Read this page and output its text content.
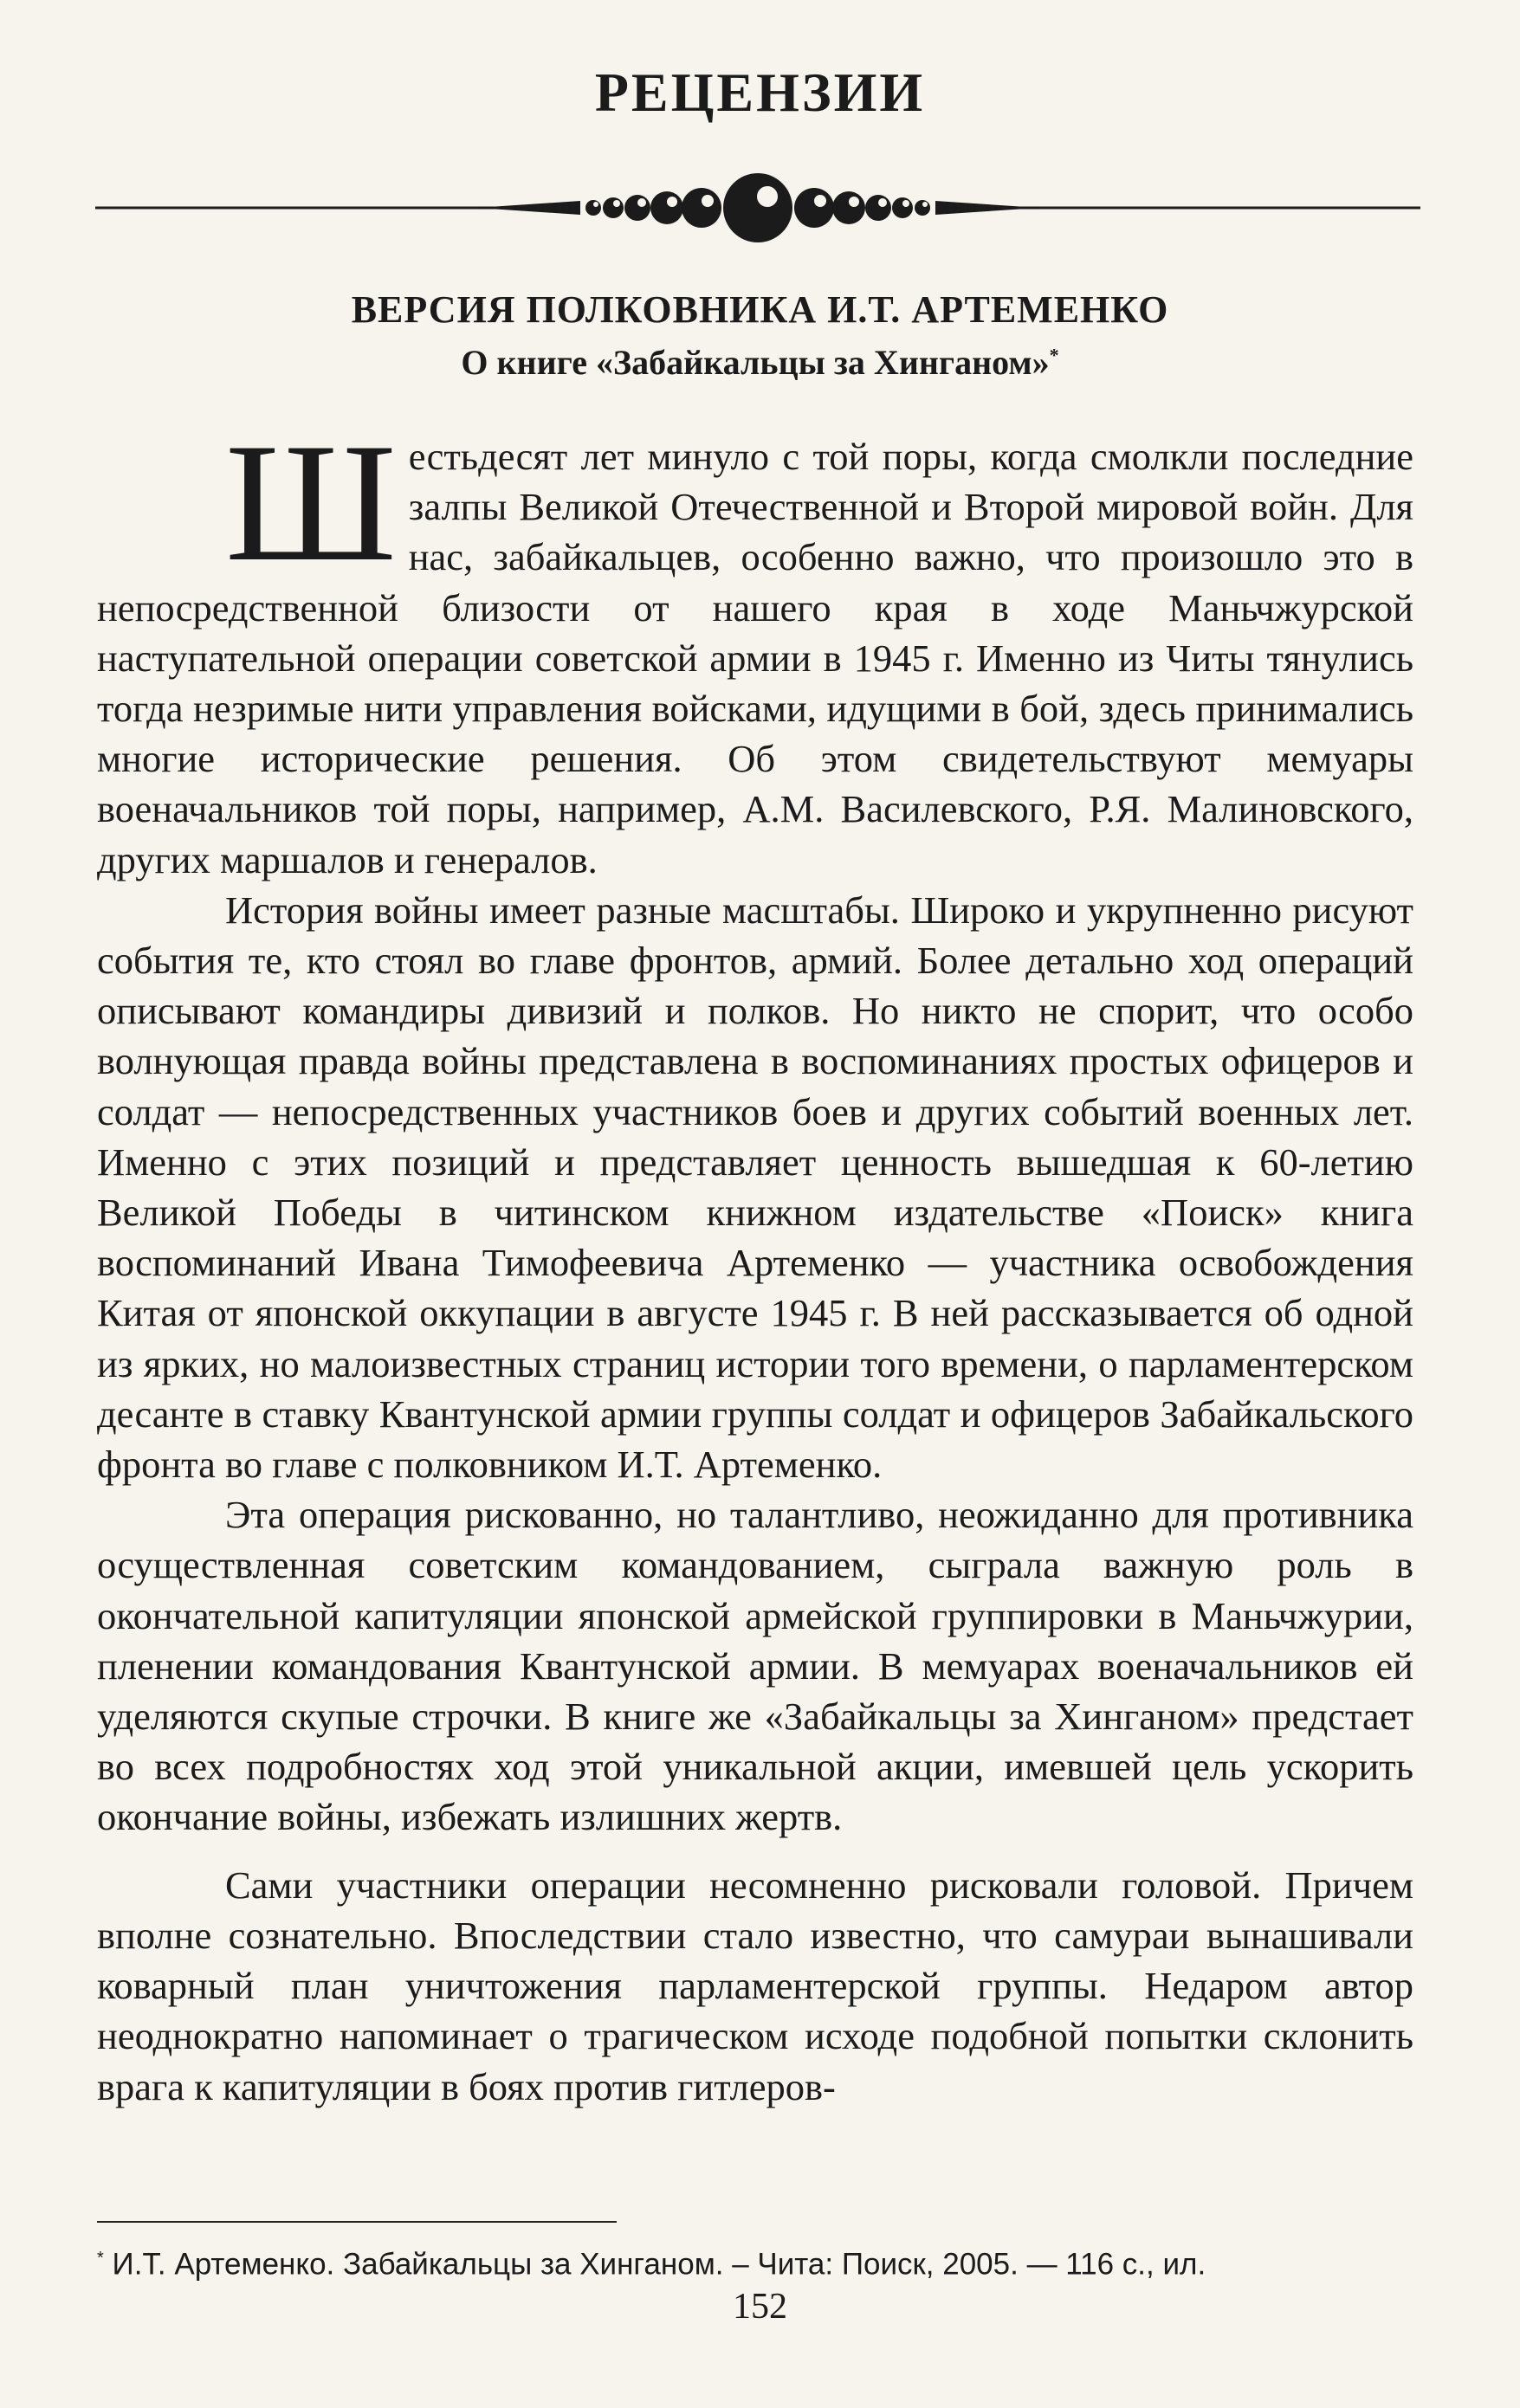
РЕЦЕНЗИИ
ВЕРСИЯ ПОЛКОВНИКА И.Т. АРТЕМЕНКО
О книге «Забайкальцы за Хинганом»*

Шестьдесят лет минуло с той поры, когда смолкли последние залпы Великой Отечественной и Второй мировой войн. Для нас, забайкальцев, особенно важно, что произошло это в непосредственной близости от нашего края в ходе Маньчжурской наступательной операции советской армии в 1945 г. Именно из Читы тянулись тогда незримые нити управления войсками, идущими в бой, здесь принимались многие исторические решения. Об этом свидетельствуют мемуары военачальников той поры, например, А.М. Василевского, Р.Я. Малиновского, других маршалов и генералов.

История войны имеет разные масштабы. Широко и укрупненно рисуют события те, кто стоял во главе фронтов, армий. Более детально ход операций описывают командиры дивизий и полков. Но никто не спорит, что особо волнующая правда войны представлена в воспоминаниях простых офицеров и солдат — непосредственных участников боев и других событий военных лет. Именно с этих позиций и представляет ценность вышедшая к 60-летию Великой Победы в читинском книжном издательстве «Поиск» книга воспоминаний Ивана Тимофеевича Артеменко — участника освобождения Китая от японской оккупации в августе 1945 г. В ней рассказывается об одной из ярких, но малоизвестных страниц истории того времени, о парламентерском десанте в ставку Квантунской армии группы солдат и офицеров Забайкальского фронта во главе с полковником И.Т. Артеменко.

Эта операция рискованно, но талантливо, неожиданно для противника осуществленная советским командованием, сыграла важную роль в окончательной капитуляции японской армейской группировки в Маньчжурии, пленении командования Квантунской армии. В мемуарах военачальников ей уделяются скупые строчки. В книге же «Забайкальцы за Хинганом» предстает во всех подробностях ход этой уникальной акции, имевшей цель ускорить окончание войны, избежать излишних жертв.

Сами участники операции несомненно рисковали головой. Причем вполне сознательно. Впоследствии стало известно, что самураи вынашивали коварный план уничтожения парламентерской группы. Недаром автор неоднократно напоминает о трагическом исходе подобной попытки склонить врага к капитуляции в боях против гитлеров-

* И.Т. Артеменко. Забайкальцы за Хинганом. – Чита: Поиск, 2005. — 116 с., ил.
152
